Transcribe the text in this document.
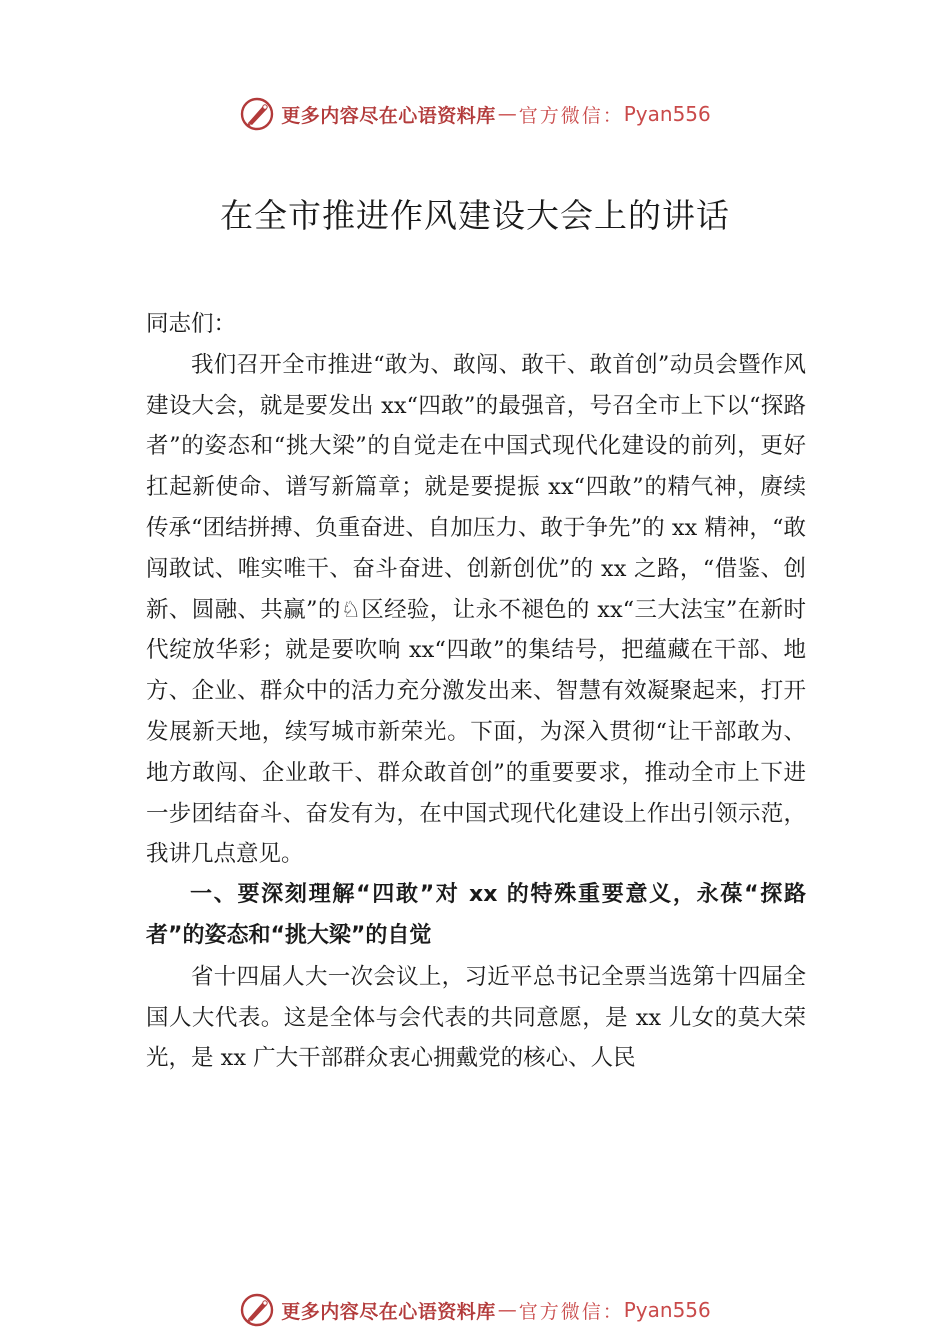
更多内容尽在心语资料库 — 官方微信： Pyan556
在全市推进作风建设大会上的讲话

同志们：

我们召开全市推进“敢为、敢闯、敢干、敢首创”动员会暨作风建设大会，就是要发出 xx“四敢”的最强音，号召全市上下以“探路者”的姿态和“挑大梁”的自觉走在中国式现代化建设的前列，更好扛起新使命、谱写新篇章；就是要提振 xx“四敢”的精气神，赓续传承“团结拼搏、负重奋进、自加压力、敢于争先”的 xx 精神，“敢闯敢试、唯实唯干、奋斗奋进、创新创优”的 xx 之路，“借鉴、创新、圆融、共赢”的♘区经验，让永不褪色的 xx“三大法宝”在新时代绽放华彩；就是要吹响 xx“四敢”的集结号，把蕴藏在干部、地方、企业、群众中的活力充分激发出来、智慧有效凝聚起来，打开发展新天地，续写城市新荣光。下面，为深入贯彻“让干部敢为、地方敢闯、企业敢干、群众敢首创”的重要要求，推动全市上下进一步团结奋斗、奋发有为，在中国式现代化建设上作出引领示范，我讲几点意见。

一、要深刻理解“四敢”对 xx 的特殊重要意义，永葆“探路者”的姿态和“挑大梁”的自觉

省十四届人大一次会议上，习近平总书记全票当选第十四届全国人大代表。这是全体与会代表的共同意愿，是 xx 儿女的莫大荣光，是 xx 广大干部群众衷心拥戴党的核心、人民

更多内容尽在心语资料库 — 官方微信： Pyan556
